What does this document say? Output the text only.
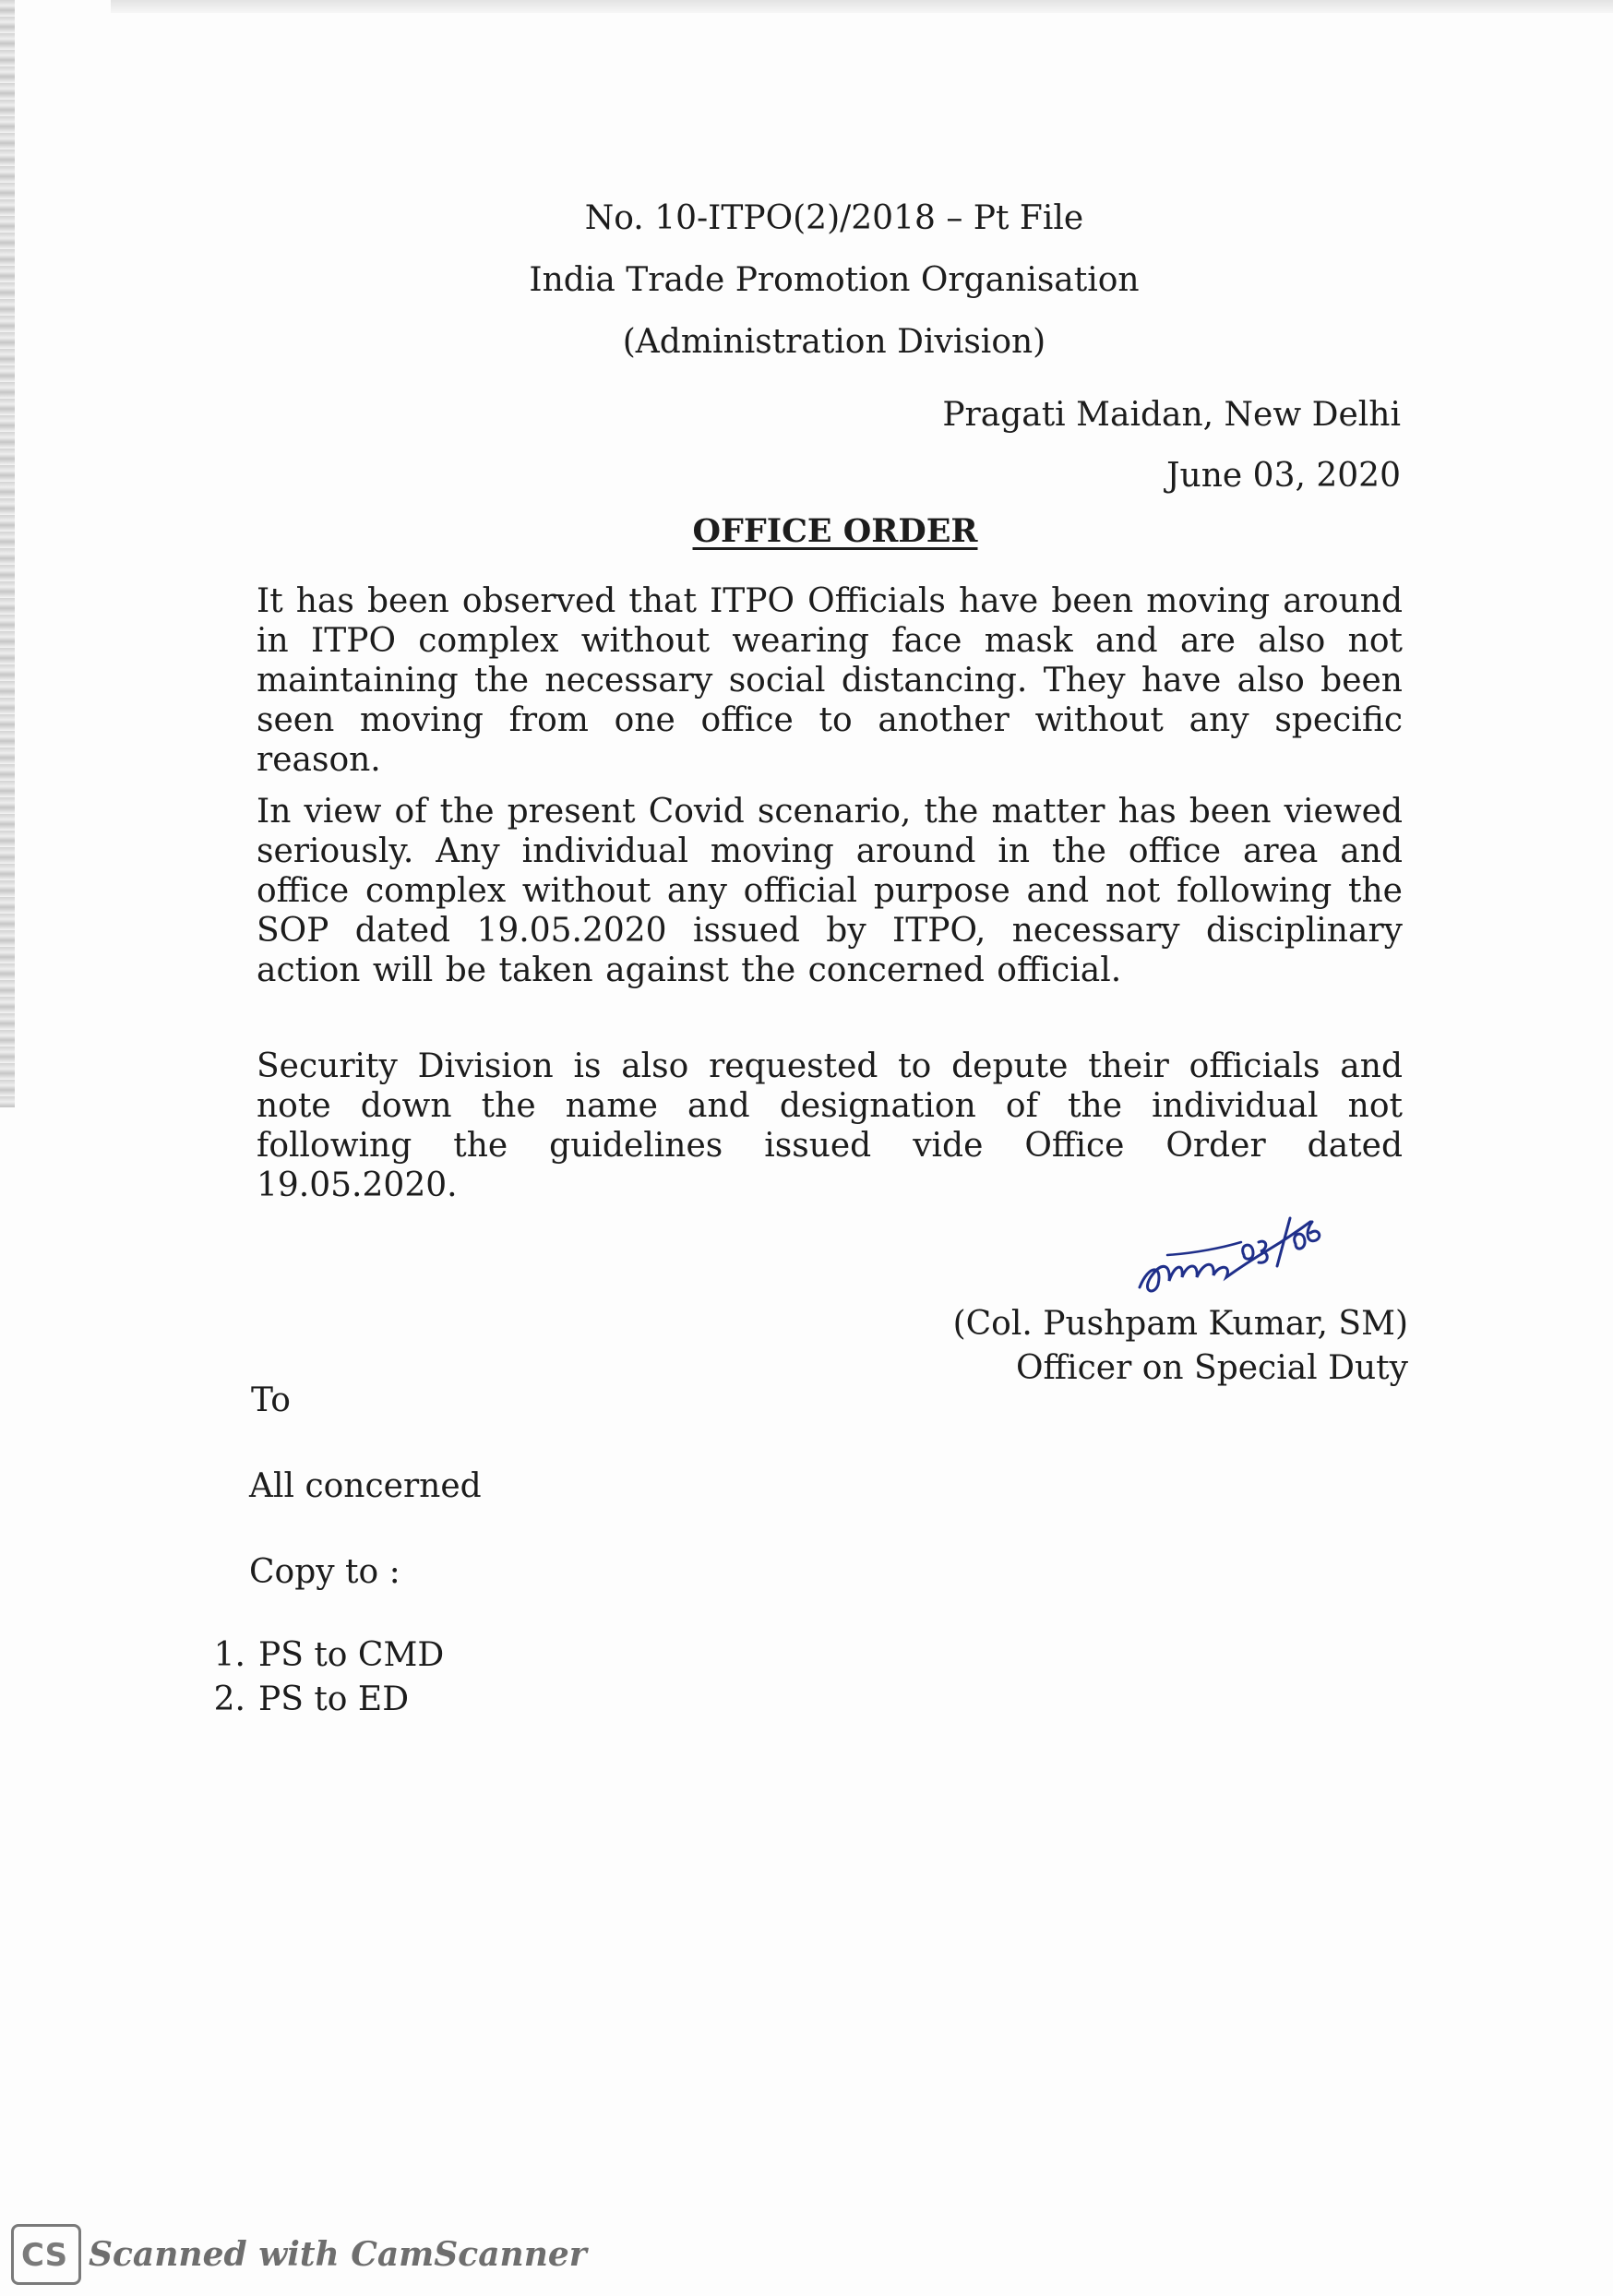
No. 10-ITPO(2)/2018 – Pt File
India Trade Promotion Organisation
(Administration Division)
Pragati Maidan, New Delhi
June 03, 2020
OFFICE ORDER
It has been observed that ITPO Officials have been moving around in ITPO complex without wearing face mask and are also not maintaining the necessary social distancing. They have also been seen moving from one office to another without any specific reason.
In view of the present Covid scenario, the matter has been viewed seriously. Any individual moving around in the office area and office complex without any official purpose and not following the SOP dated 19.05.2020 issued by ITPO, necessary disciplinary action will be taken against the concerned official.
Security Division is also requested to depute their officials and note down the name and designation of the individual not following the guidelines issued vide Office Order dated 19.05.2020.
(Col. Pushpam Kumar, SM)
Officer on Special Duty
To
All concerned
Copy to :
1. PS to CMD
2. PS to ED
CS Scanned with CamScanner
